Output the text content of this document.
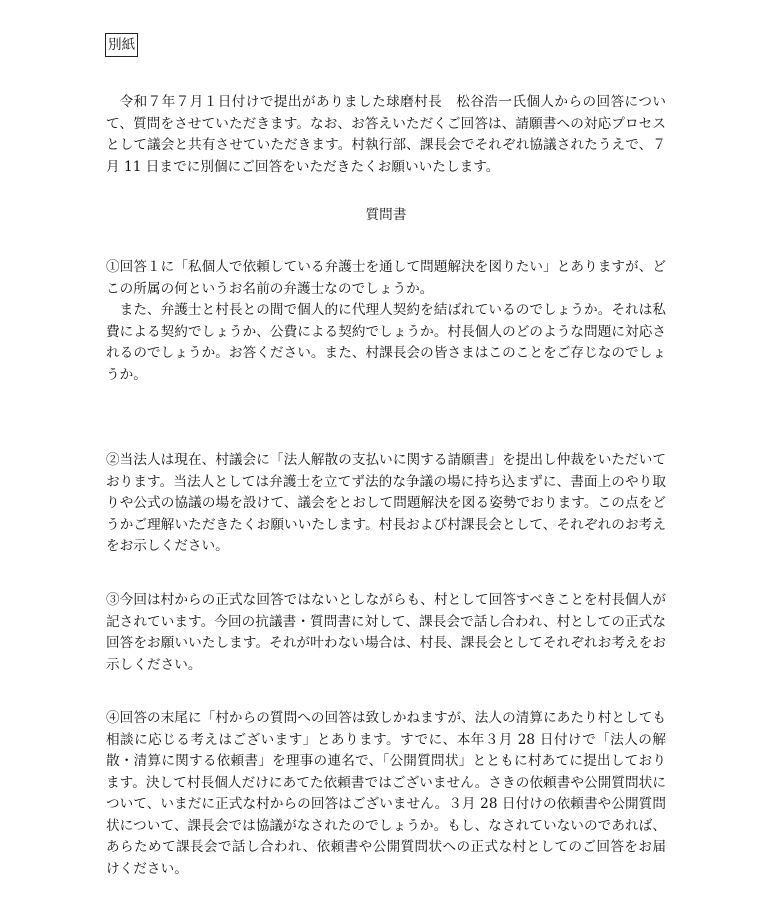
別紙

令和７年７月１日付けで提出がありました球磨村長　松谷浩一氏個人からの回答について、質問をさせていただきます。なお、お答えいただくご回答は、請願書への対応プロセスとして議会と共有させていただきます。村執行部、課長会でそれぞれ協議されたうえで、７月 11 日までに別個にご回答をいただきたくお願いいたします。

質問書

①回答１に「私個人で依頼している弁護士を通して問題解決を図りたい」とありますが、どこの所属の何というお名前の弁護士なのでしょうか。

また、弁護士と村長との間で個人的に代理人契約を結ばれているのでしょうか。それは私費による契約でしょうか、公費による契約でしょうか。村長個人のどのような問題に対応されるのでしょうか。お答ください。また、村課長会の皆さまはこのことをご存じなのでしょうか。

②当法人は現在、村議会に「法人解散の支払いに関する請願書」を提出し仲裁をいただいております。当法人としては弁護士を立てず法的な争議の場に持ち込まずに、書面上のやり取りや公式の協議の場を設けて、議会をとおして問題解決を図る姿勢でおります。この点をどうかご理解いただきたくお願いいたします。村長および村課長会として、それぞれのお考えをお示しください。

③今回は村からの正式な回答ではないとしながらも、村として回答すべきことを村長個人が記されています。今回の抗議書・質問書に対して、課長会で話し合われ、村としての正式な回答をお願いいたします。それが叶わない場合は、村長、課長会としてそれぞれお考えをお示しください。

④回答の末尾に「村からの質問への回答は致しかねますが、法人の清算にあたり村としても相談に応じる考えはございます」とあります。すでに、本年３月 28 日付けで「法人の解散・清算に関する依頼書」を理事の連名で、「公開質問状」とともに村あてに提出しております。決して村長個人だけにあてた依頼書ではございません。さきの依頼書や公開質問状について、いまだに正式な村からの回答はございません。３月 28 日付けの依頼書や公開質問状について、課長会では協議がなされたのでしょうか。もし、なされていないのであれば、あらためて課長会で話し合われ、依頼書や公開質問状への正式な村としてのご回答をお届けください。
